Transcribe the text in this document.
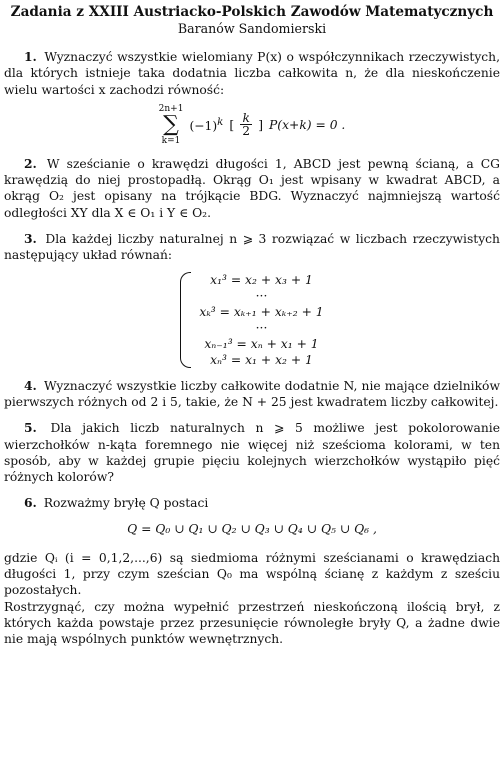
Zadania z XXIII Austriacko-Polskich Zawodów Matematycznych
Baranów Sandomierski

1. Wyznaczyć wszystkie wielomiany P(x) o współczynnikach rzeczywistych, dla których istnieje taka dodatnia liczba całkowita n, że dla nieskończenie wielu wartości x zachodzi równość:

2n+1
∑
k=1
$(-1)^k$ [ $\frac{k}{2}$ ] P(x+k) = 0 .

2. W sześcianie o krawędzi długości 1, ABCD jest pewną ścianą, a CG krawędzią do niej prostopadłą. Okrąg O₁ jest wpisany w kwadrat ABCD, a okrąg O₂ jest opisany na trójkącie BDG. Wyznaczyć najmniejszą wartość odległości XY dla X ∈ O₁ i Y ∈ O₂.

3. Dla każdej liczby naturalnej n ⩾ 3 rozwiązać w liczbach rzeczywistych następujący układ równań:

x₁³ = x₂ + x₃ + 1
···
xₖ³ = xₖ₊₁ + xₖ₊₂ + 1
···
xₙ₋₁³ = xₙ + x₁ + 1
xₙ³ = x₁ + x₂ + 1

4. Wyznaczyć wszystkie liczby całkowite dodatnie N, nie mające dzielników pierwszych różnych od 2 i 5, takie, że N + 25 jest kwadratem liczby całkowitej.

5. Dla jakich liczb naturalnych n ⩾ 5 możliwe jest pokolorowanie wierzchołków n-kąta foremnego nie więcej niż sześcioma kolorami, w ten sposób, aby w każdej grupie pięciu kolejnych wierzchołków wystąpiło pięć różnych kolorów?

6. Rozważmy bryłę Q postaci

Q = Q₀ ∪ Q₁ ∪ Q₂ ∪ Q₃ ∪ Q₄ ∪ Q₅ ∪ Q₆ ,

gdzie Qᵢ (i = 0,1,2,...,6) są siedmioma różnymi sześcianami o krawędziach długości 1, przy czym sześcian Q₀ ma wspólną ścianę z każdym z sześciu pozostałych.

Rostrzygnąć, czy można wypełnić przestrzeń nieskończoną ilością brył, z których każda powstaje przez przesunięcie równoległe bryły Q, a żadne dwie nie mają wspólnych punktów wewnętrznych.
